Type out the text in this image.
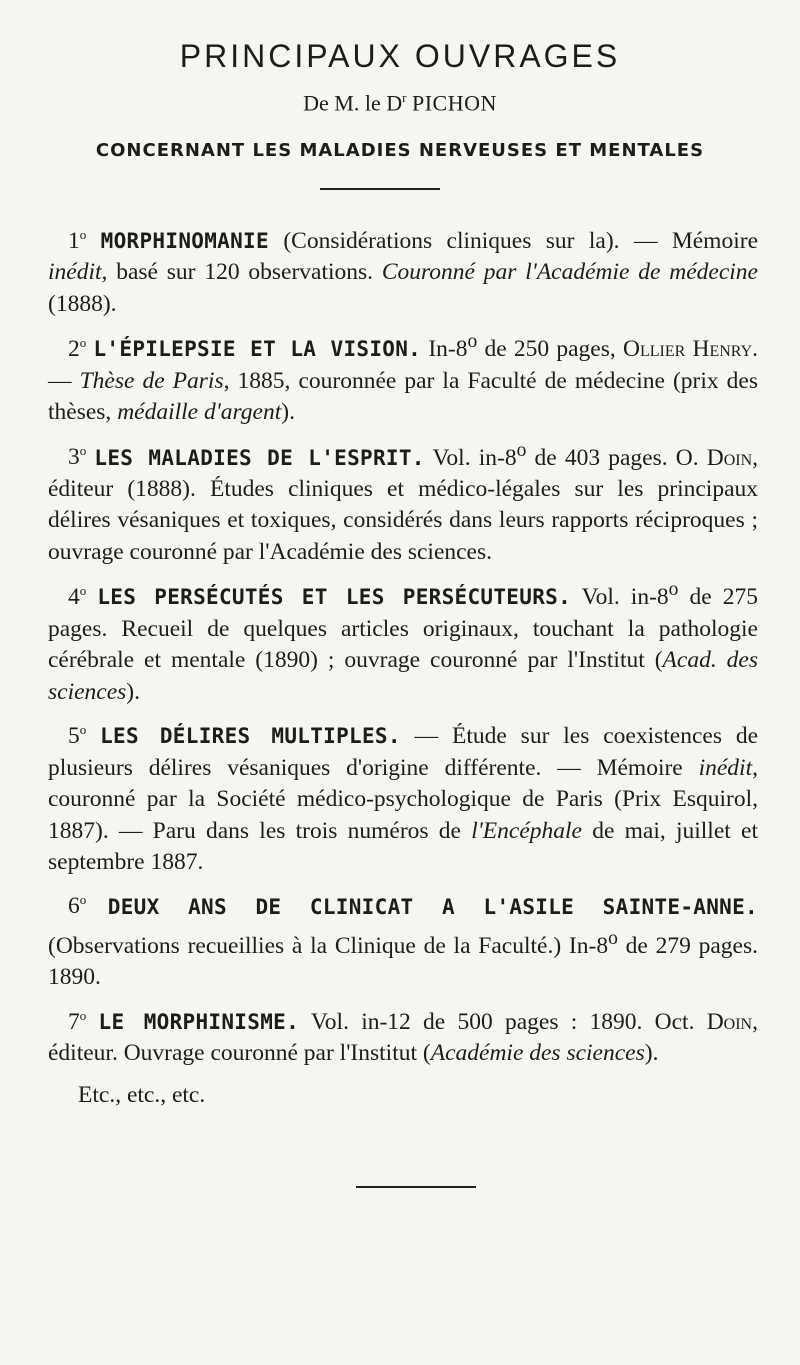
PRINCIPAUX OUVRAGES
De M. le $D^r$ PICHON
CONCERNANT LES MALADIES NERVEUSES ET MENTALES

1$^o$ MORPHINOMANIE (Considérations cliniques sur la). — Mémoire inédit, basé sur 120 observations. Couronné par l'Académie de médecine (1888).

2$^o$ L'ÉPILEPSIE ET LA VISION. In-8$^o$ de 250 pages, Ollier Henry. — Thèse de Paris, 1885, couronnée par la Faculté de médecine (prix des thèses, médaille d'argent).

3$^o$ LES MALADIES DE L'ESPRIT. Vol. in-8$^o$ de 403 pages. O. Doin, éditeur (1888). Études cliniques et médico-légales sur les principaux délires vésaniques et toxiques, considérés dans leurs rapports réciproques ; ouvrage couronné par l'Académie des sciences.

4$^o$ LES PERSÉCUTÉS ET LES PERSÉCUTEURS. Vol. in-8$^o$ de 275 pages. Recueil de quelques articles originaux, touchant la pathologie cérébrale et mentale (1890) ; ouvrage couronné par l'Institut (Acad. des sciences).

5$^o$ LES DÉLIRES MULTIPLES. — Étude sur les coexistences de plusieurs délires vésaniques d'origine différente. — Mémoire inédit, couronné par la Société médico-psychologique de Paris (Prix Esquirol, 1887). — Paru dans les trois numéros de l'Encéphale de mai, juillet et septembre 1887.

6$^o$ DEUX ANS DE CLINICAT A L'ASILE SAINTE-ANNE. (Observations recueillies à la Clinique de la Faculté.) In-8$^o$ de 279 pages. 1890.

7$^o$ LE MORPHINISME. Vol. in-12 de 500 pages : 1890. Oct. Doin, éditeur. Ouvrage couronné par l'Institut (Académie des sciences).

Etc., etc., etc.
